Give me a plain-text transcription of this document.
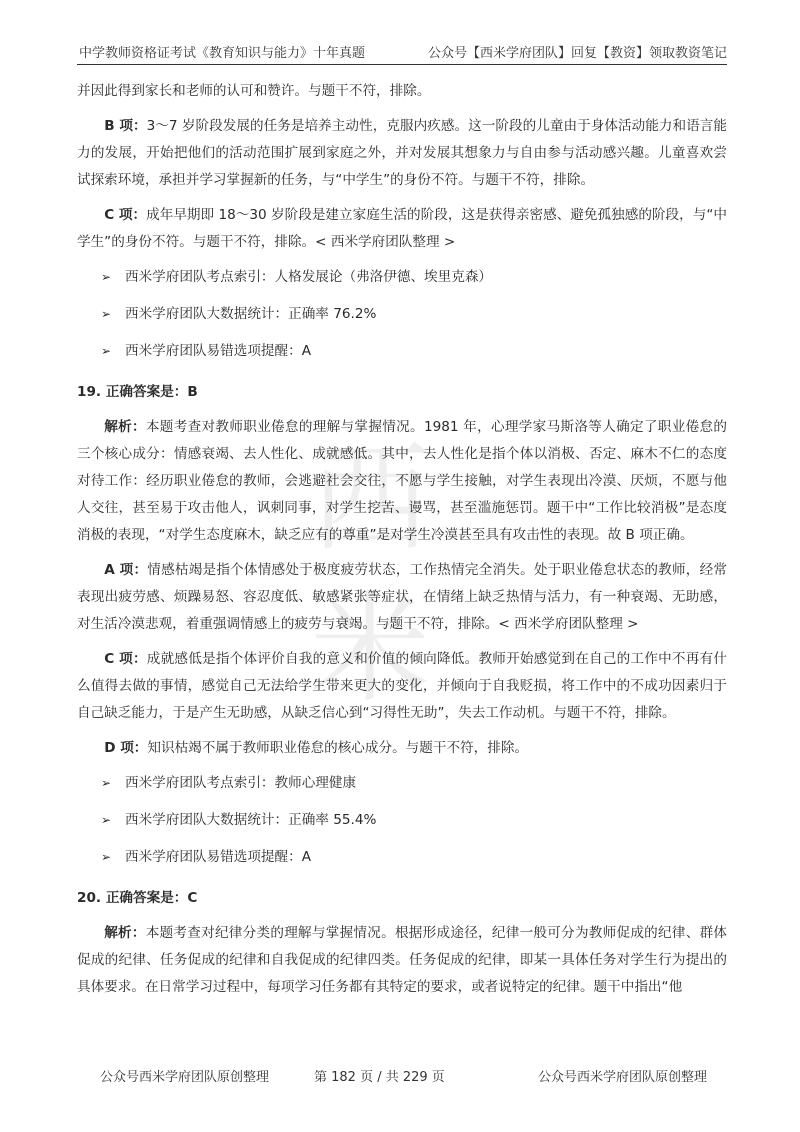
中学教师资格证考试《教育知识与能力》十年真题	公众号【西米学府团队】回复【教资】领取教资笔记
西
米

并因此得到家长和老师的认可和赞许。与题干不符，排除。

B 项：3～7 岁阶段发展的任务是培养主动性，克服内疚感。这一阶段的儿童由于身体活动能力和语言能力的发展，开始把他们的活动范围扩展到家庭之外，并对发展其想象力与自由参与活动感兴趣。儿童喜欢尝试探索环境，承担并学习掌握新的任务，与“中学生”的身份不符。与题干不符，排除。

C 项：成年早期即 18～30 岁阶段是建立家庭生活的阶段，这是获得亲密感、避免孤独感的阶段，与“中学生”的身份不符。与题干不符，排除。< 西米学府团队整理 >

➢ 西米学府团队考点索引：人格发展论（弗洛伊德、埃里克森）
➢ 西米学府团队大数据统计：正确率 76.2%
➢ 西米学府团队易错选项提醒：A
19. 正确答案是：B

解析：本题考查对教师职业倦怠的理解与掌握情况。1981 年，心理学家马斯洛等人确定了职业倦怠的三个核心成分：情感衰竭、去人性化、成就感低。其中，去人性化是指个体以消极、否定、麻木不仁的态度对待工作：经历职业倦怠的教师，会逃避社会交往，不愿与学生接触，对学生表现出冷漠、厌烦，不愿与他人交往，甚至易于攻击他人，讽刺同事，对学生挖苦、谩骂，甚至滥施惩罚。题干中“工作比较消极”是态度消极的表现，“对学生态度麻木，缺乏应有的尊重”是对学生冷漠甚至具有攻击性的表现。故 B 项正确。

A 项：情感枯竭是指个体情感处于极度疲劳状态，工作热情完全消失。处于职业倦怠状态的教师，经常表现出疲劳感、烦躁易怒、容忍度低、敏感紧张等症状，在情绪上缺乏热情与活力，有一种衰竭、无助感，对生活冷漠悲观，着重强调情感上的疲劳与衰竭。与题干不符，排除。< 西米学府团队整理 >

C 项：成就感低是指个体评价自我的意义和价值的倾向降低。教师开始感觉到在自己的工作中不再有什么值得去做的事情，感觉自己无法给学生带来更大的变化，并倾向于自我贬损，将工作中的不成功因素归于自己缺乏能力，于是产生无助感，从缺乏信心到“习得性无助”，失去工作动机。与题干不符，排除。

D 项：知识枯竭不属于教师职业倦怠的核心成分。与题干不符，排除。

➢ 西米学府团队考点索引：教师心理健康
➢ 西米学府团队大数据统计：正确率 55.4%
➢ 西米学府团队易错选项提醒：A
20. 正确答案是：C

解析：本题考查对纪律分类的理解与掌握情况。根据形成途径，纪律一般可分为教师促成的纪律、群体促成的纪律、任务促成的纪律和自我促成的纪律四类。任务促成的纪律，即某一具体任务对学生行为提出的具体要求。在日常学习过程中，每项学习任务都有其特定的要求，或者说特定的纪律。题干中指出“他

公众号西米学府团队原创整理	第 182 页 / 共 229 页	公众号西米学府团队原创整理
